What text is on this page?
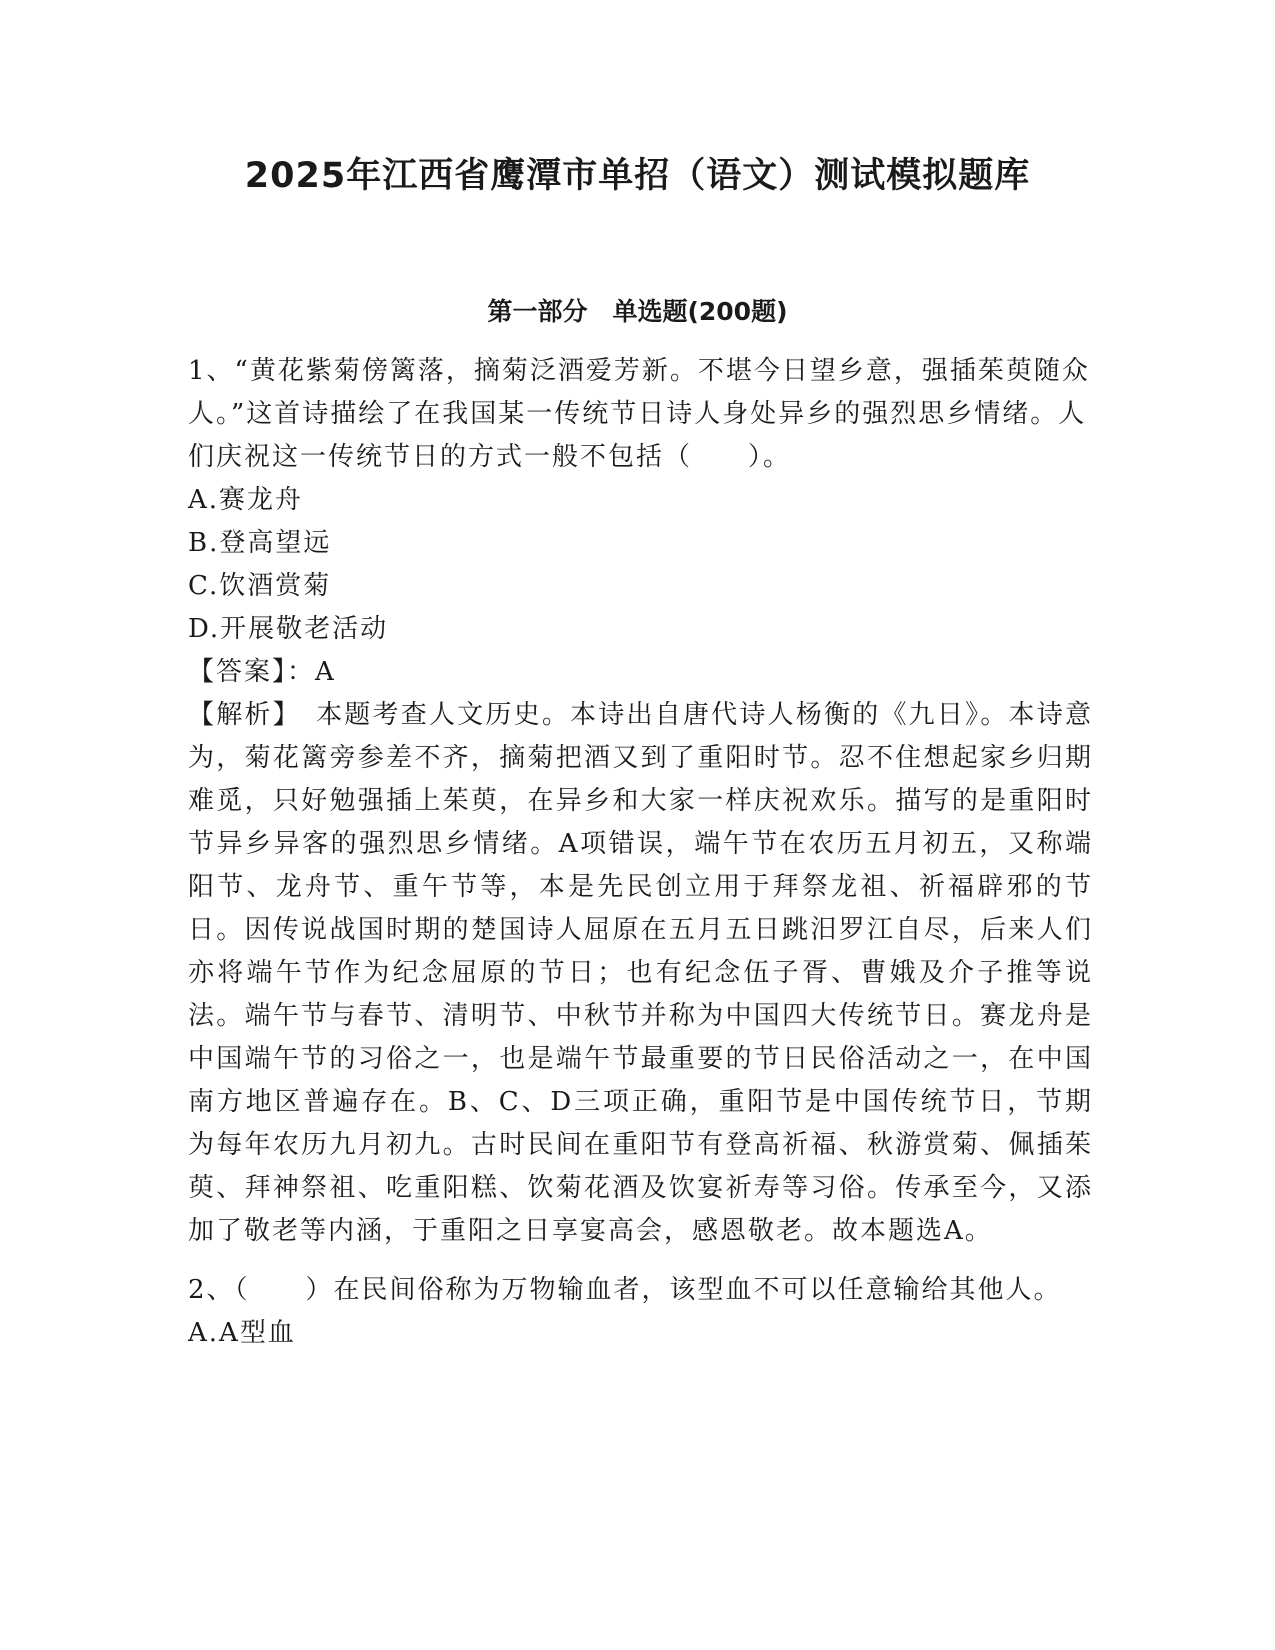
2025年江西省鹰潭市单招（语文）测试模拟题库
第一部分　单选题(200题)

1、“黄花紫菊傍篱落，摘菊泛酒爱芳新。不堪今日望乡意，强插茱萸随众人。”这首诗描绘了在我国某一传统节日诗人身处异乡的强烈思乡情绪。人们庆祝这一传统节日的方式一般不包括（　　）。

A.赛龙舟

B.登高望远

C.饮酒赏菊

D.开展敬老活动

【答案】：A

【解析】　本题考查人文历史。本诗出自唐代诗人杨衡的《九日》。本诗意为，菊花篱旁参差不齐，摘菊把酒又到了重阳时节。忍不住想起家乡归期难觅，只好勉强插上茱萸，在异乡和大家一样庆祝欢乐。描写的是重阳时节异乡异客的强烈思乡情绪。A项错误，端午节在农历五月初五，又称端阳节、龙舟节、重午节等，本是先民创立用于拜祭龙祖、祈福辟邪的节日。因传说战国时期的楚国诗人屈原在五月五日跳汨罗江自尽，后来人们亦将端午节作为纪念屈原的节日；也有纪念伍子胥、曹娥及介子推等说法。端午节与春节、清明节、中秋节并称为中国四大传统节日。赛龙舟是中国端午节的习俗之一，也是端午节最重要的节日民俗活动之一，在中国南方地区普遍存在。B、C、D三项正确，重阳节是中国传统节日，节期为每年农历九月初九。古时民间在重阳节有登高祈福、秋游赏菊、佩插茱萸、拜神祭祖、吃重阳糕、饮菊花酒及饮宴祈寿等习俗。传承至今，又添加了敬老等内涵，于重阳之日享宴高会，感恩敬老。故本题选A。

2、（　　）在民间俗称为万物输血者，该型血不可以任意输给其他人。

A.A型血
